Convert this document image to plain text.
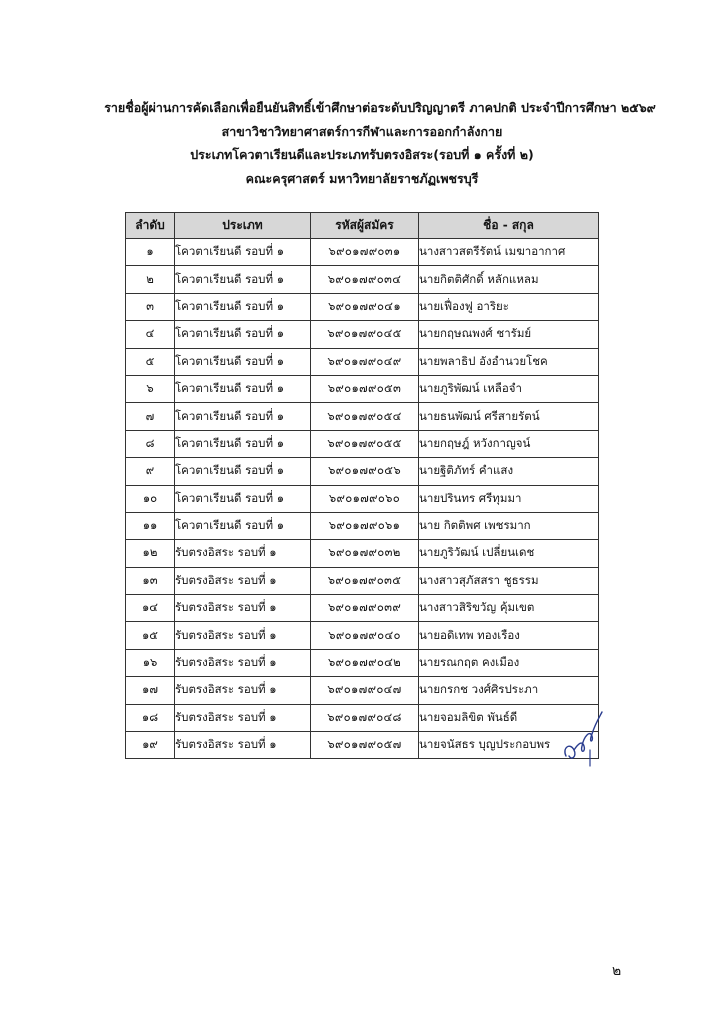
รายชื่อผู้ผ่านการคัดเลือกเพื่อยืนยันสิทธิ์เข้าศึกษาต่อระดับปริญญาตรี ภาคปกติ ประจำปีการศึกษา ๒๕๖๙
สาขาวิชาวิทยาศาสตร์การกีฬาและการออกกำลังกาย
ประเภทโควตาเรียนดีและประเภทรับตรงอิสระ(รอบที่ ๑ ครั้งที่ ๒)
คณะครุศาสตร์ มหาวิทยาลัยราชภัฏเพชรบุรี
ลำดับ	ประเภท	รหัสผู้สมัคร	ชื่อ - สกุล
๑	โควตาเรียนดี รอบที่ ๑	๖๙๐๑๗๙๐๓๑	นางสาวสตรีรัตน์ เมฆาอากาศ
๒	โควตาเรียนดี รอบที่ ๑	๖๙๐๑๗๙๐๓๔	นายกิตติศักดิ์ หลักแหลม
๓	โควตาเรียนดี รอบที่ ๑	๖๙๐๑๗๙๐๔๑	นายเฟื่องฟู อาริยะ
๔	โควตาเรียนดี รอบที่ ๑	๖๙๐๑๗๙๐๔๕	นายกฤษณพงศ์ ชารัมย์
๕	โควตาเรียนดี รอบที่ ๑	๖๙๐๑๗๙๐๔๙	นายพลาธิป อังอำนวยโชค
๖	โควตาเรียนดี รอบที่ ๑	๖๙๐๑๗๙๐๕๓	นายภูริพัฒน์ เหลือจำ
๗	โควตาเรียนดี รอบที่ ๑	๖๙๐๑๗๙๐๕๔	นายธนพัฒน์ ศรีสายรัตน์
๘	โควตาเรียนดี รอบที่ ๑	๖๙๐๑๗๙๐๕๕	นายกฤษฎ์ หวังกาญจน์
๙	โควตาเรียนดี รอบที่ ๑	๖๙๐๑๗๙๐๕๖	นายฐิติภัทร์ คำแสง
๑๐	โควตาเรียนดี รอบที่ ๑	๖๙๐๑๗๙๐๖๐	นายปรินทร ศรีทุมมา
๑๑	โควตาเรียนดี รอบที่ ๑	๖๙๐๑๗๙๐๖๑	นาย กิตติพศ เพชรมาก
๑๒	รับตรงอิสระ รอบที่ ๑	๖๙๐๑๗๙๐๓๒	นายภูริวัฒน์ เปลี่ยนเดช
๑๓	รับตรงอิสระ รอบที่ ๑	๖๙๐๑๗๙๐๓๕	นางสาวสุภัสสรา ชูธรรม
๑๔	รับตรงอิสระ รอบที่ ๑	๖๙๐๑๗๙๐๓๙	นางสาวสิริขวัญ คุ้มเขต
๑๕	รับตรงอิสระ รอบที่ ๑	๖๙๐๑๗๙๐๔๐	นายอดิเทพ ทองเรือง
๑๖	รับตรงอิสระ รอบที่ ๑	๖๙๐๑๗๙๐๔๒	นายรณกฤต คงเมือง
๑๗	รับตรงอิสระ รอบที่ ๑	๖๙๐๑๗๙๐๔๗	นายกรกช วงศ์ศิรประภา
๑๘	รับตรงอิสระ รอบที่ ๑	๖๙๐๑๗๙๐๔๘	นายจอมลิขิต พันธ์ดี
๑๙	รับตรงอิสระ รอบที่ ๑	๖๙๐๑๗๙๐๕๗	นายจนัสธร บุญประกอบพร
๒
